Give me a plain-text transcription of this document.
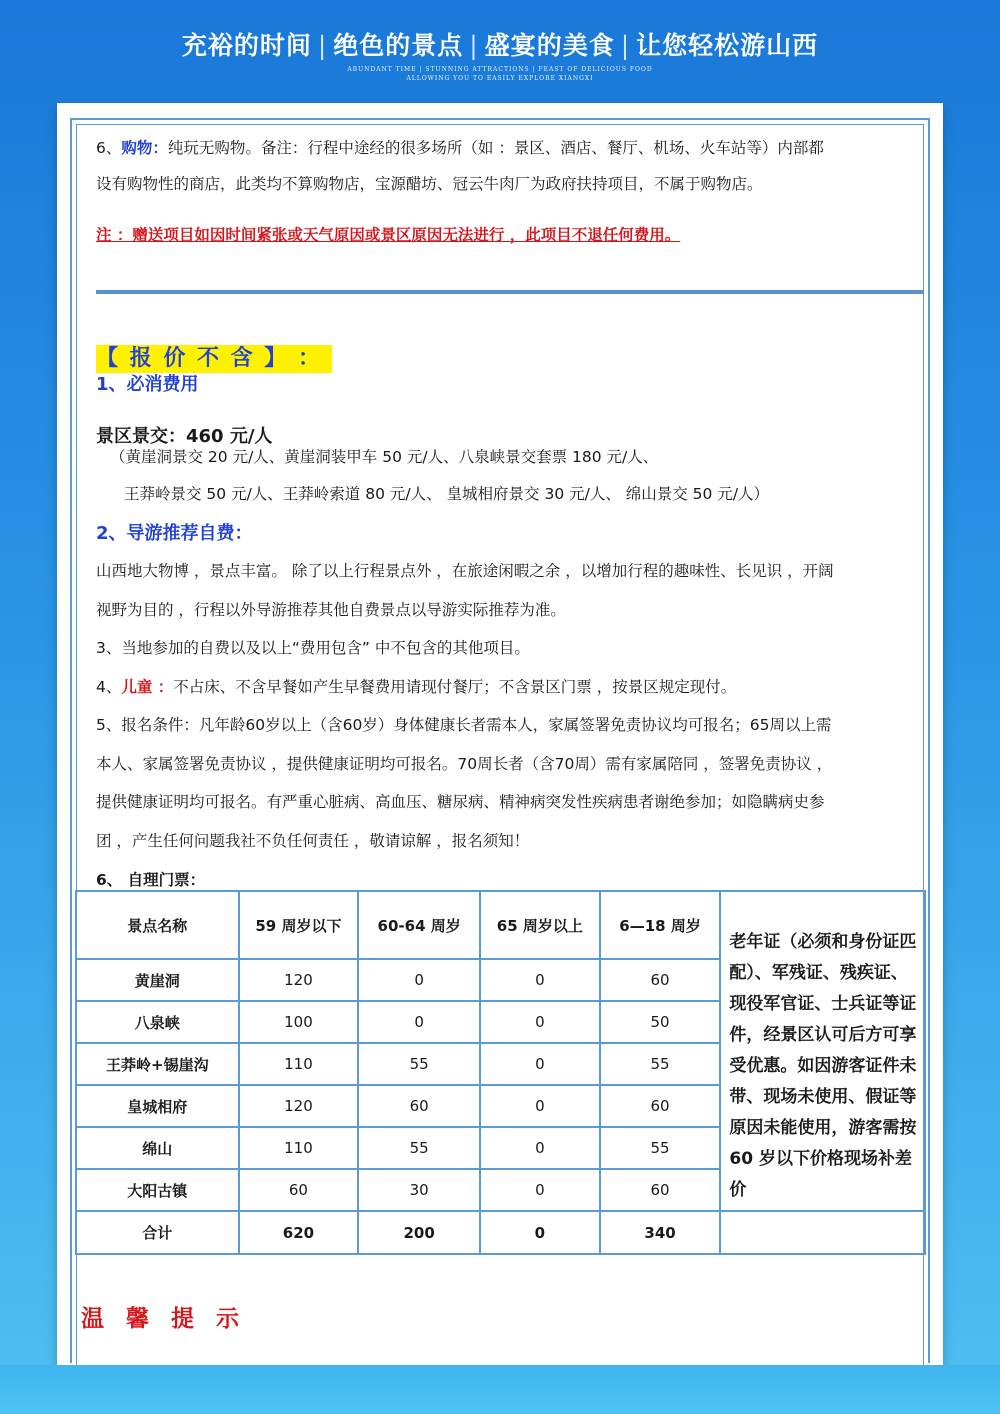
充裕的时间 | 绝色的景点 | 盛宴的美食 | 让您轻松游山西
ABUNDANT TIME | STUNNING ATTRACTIONS | FEAST OF DELICIOUS FOOD
ALLOWING YOU TO EASILY EXPLORE XIANGXI
6、购物：纯玩无购物。备注：行程中途经的很多场所（如 ：景区、酒店、餐厅、机场、火车站等）内部都
设有购物性的商店，此类均不算购物店，宝源醋坊、冠云牛肉厂为政府扶持项目，不属于购物店。
注 ：赠送项目如因时间紧张或天气原因或景区原因无法进行 ，此项目不退任何费用。
【 报 价 不 含 】 ：
1、必消费用
景区景交：460 元/人
（黄崖洞景交 20 元/人、黄崖洞装甲车 50 元/人、八泉峡景交套票 180 元/人、
王莽岭景交 50 元/人、王莽岭索道 80 元/人、 皇城相府景交 30 元/人、 绵山景交 50 元/人）
2、导游推荐自费：
山西地大物博 ，景点丰富。 除了以上行程景点外 ，在旅途闲暇之余 ，以增加行程的趣味性、长见识 ，开阔
视野为目的 ，行程以外导游推荐其他自费景点以导游实际推荐为准。
3、当地参加的自费以及以上“费用包含” 中不包含的其他项目。
4、儿童 ：不占床、不含早餐如产生早餐费用请现付餐厅；不含景区门票 ，按景区规定现付。
5、报名条件：凡年龄60岁以上（含60岁）身体健康长者需本人，家属签署免责协议均可报名；65周以上需
本人、家属签署免责协议 ，提供健康证明均可报名。70周长者（含70周）需有家属陪同 ，签署免责协议 ，
提供健康证明均可报名。有严重心脏病、高血压、糖尿病、精神病突发性疾病患者谢绝参加；如隐瞒病史参
团 ，产生任何问题我社不负任何责任 ，敬请谅解 ，报名须知！
6、 自理门票：
景点名称	59 周岁以下	60-64 周岁	65 周岁以上	6—18 周岁	老年证（必须和身份证匹配）、军残证、残疾证、现役军官证、士兵证等证件，经景区认可后方可享受优惠。如因游客证件未带、现场未使用、假证等原因未能使用，游客需按60 岁以下价格现场补差价
黄崖洞	120	0	0	60	
八泉峡	100	0	0	50	
王莽岭+锡崖沟	110	55	0	55	
皇城相府	120	60	0	60	
绵山	110	55	0	55	
大阳古镇	60	30	0	60	
合计	620	200	0	340	
温馨提示
